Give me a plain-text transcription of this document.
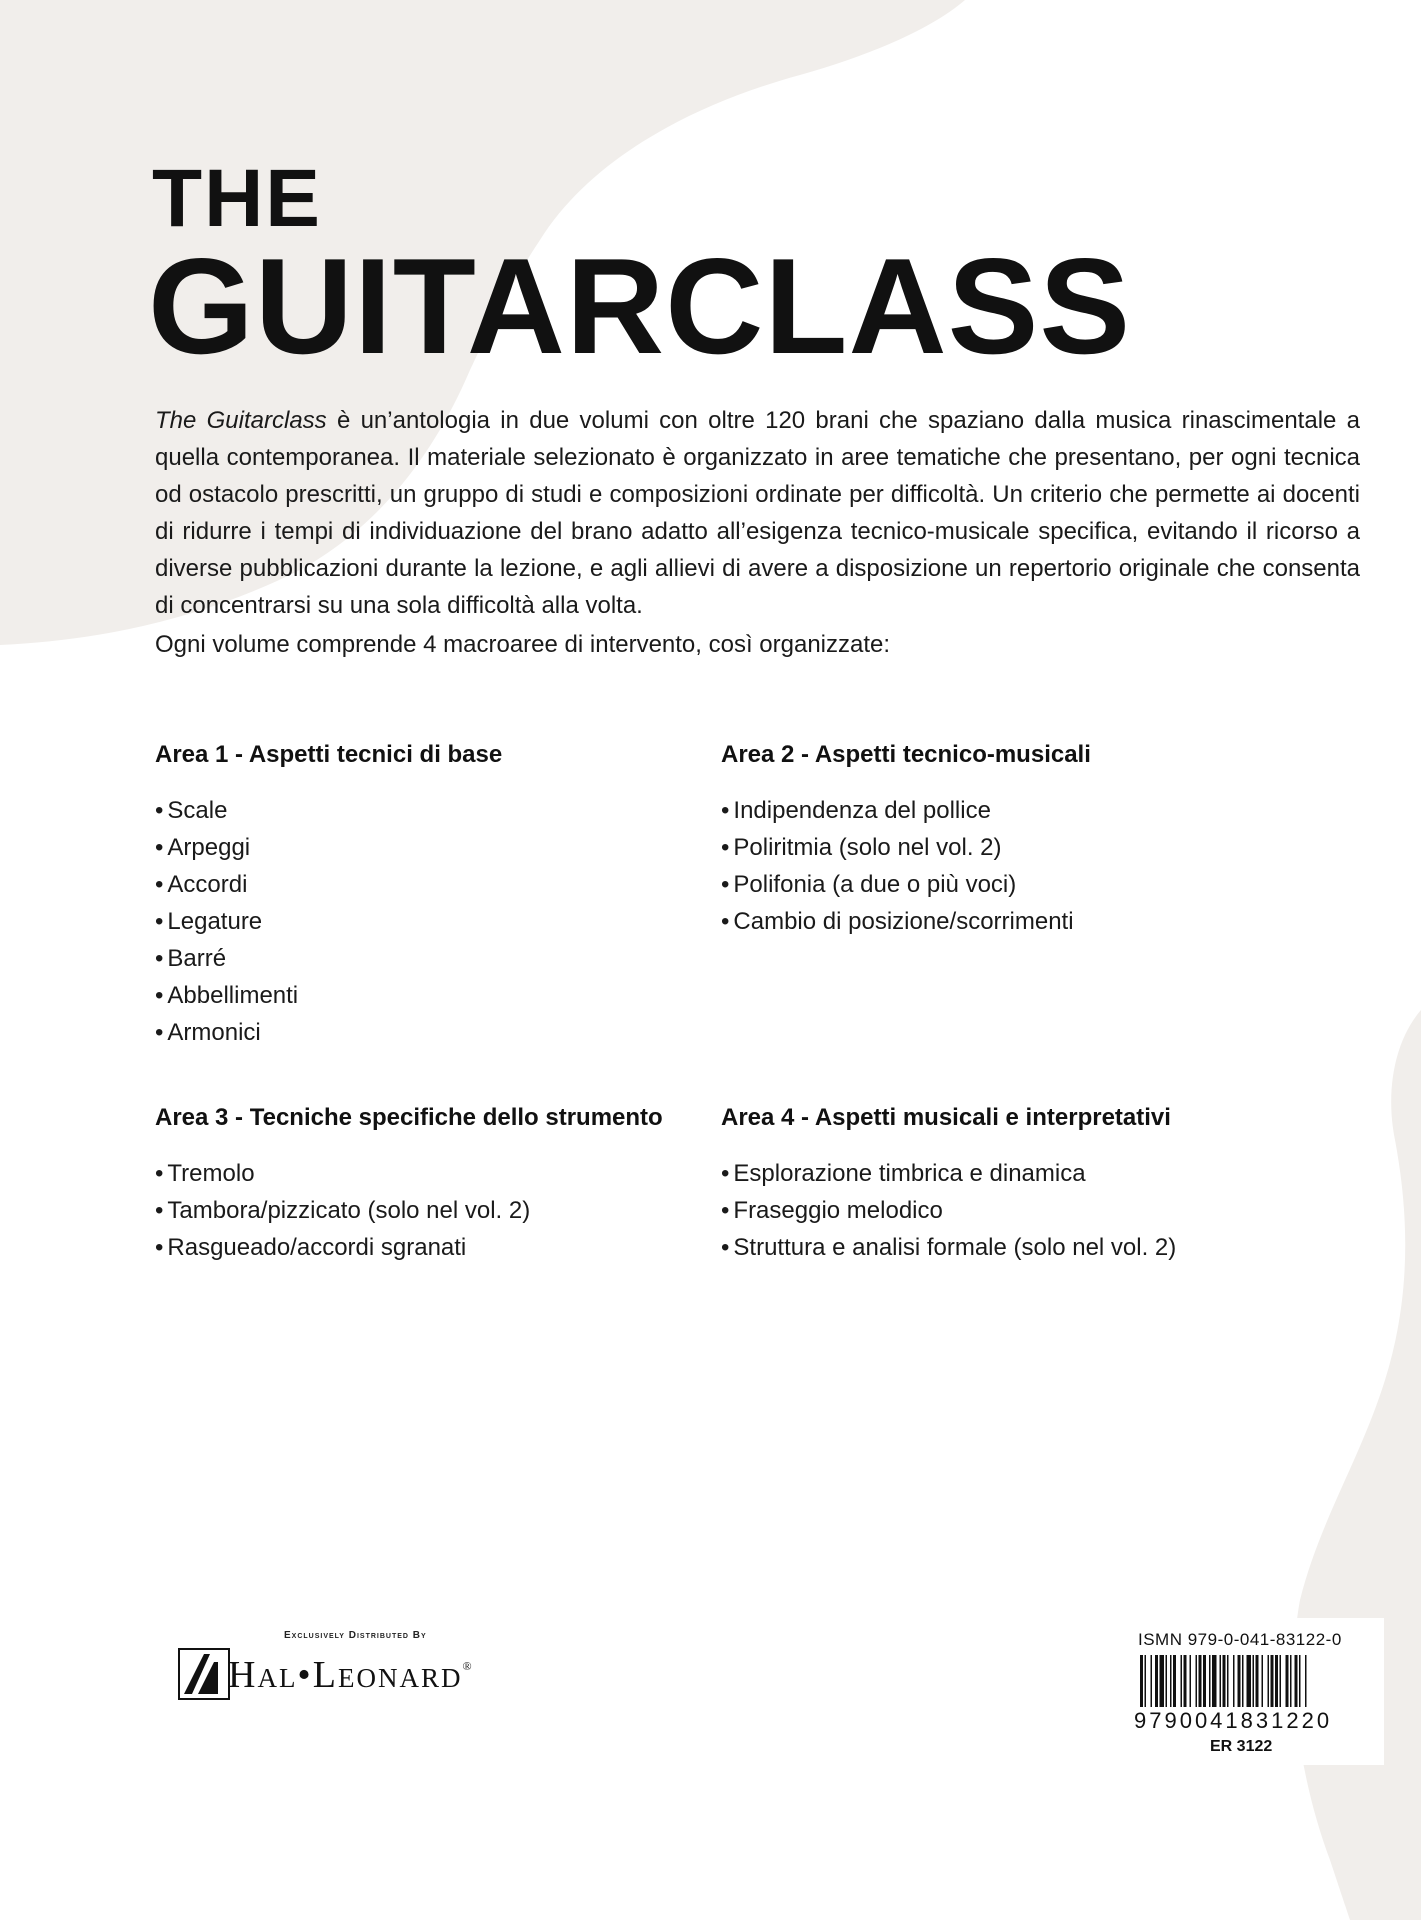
THE
GUITARCLASS
The Guitarclass è un’antologia in due volumi con oltre 120 brani che spaziano dalla musica rinascimentale a quella contemporanea. Il materiale selezionato è organizzato in aree tematiche che presentano, per ogni tecnica od ostacolo prescritti, un gruppo di studi e composizioni ordinate per difficoltà. Un criterio che permette ai docenti di ridurre i tempi di individuazione del brano adatto all’esigenza tecnico-musicale specifica, evitando il ricorso a diverse pubblicazioni durante la lezione, e agli allievi di avere a disposizione un repertorio originale che consenta di concentrarsi su una sola difficoltà alla volta.
Ogni volume comprende 4 macroaree di intervento, così organizzate:
Area 1 - Aspetti tecnici di base
• Scale
• Arpeggi
• Accordi
• Legature
• Barré
• Abbellimenti
• Armonici
Area 2 - Aspetti tecnico-musicali
• Indipendenza del pollice
• Poliritmia (solo nel vol. 2)
• Polifonia (a due o più voci)
• Cambio di posizione/scorrimenti
Area 3 - Tecniche specifiche dello strumento
• Tremolo
• Tambora/pizzicato (solo nel vol. 2)
• Rasgueado/accordi sgranati
Area 4 - Aspetti musicali e interpretativi
• Esplorazione timbrica e dinamica
• Fraseggio melodico
• Struttura e analisi formale (solo nel vol. 2)
Exclusively Distributed By
Hal•Leonard®
ISMN 979-0-041-83122-0
9790041831220
ER 3122
